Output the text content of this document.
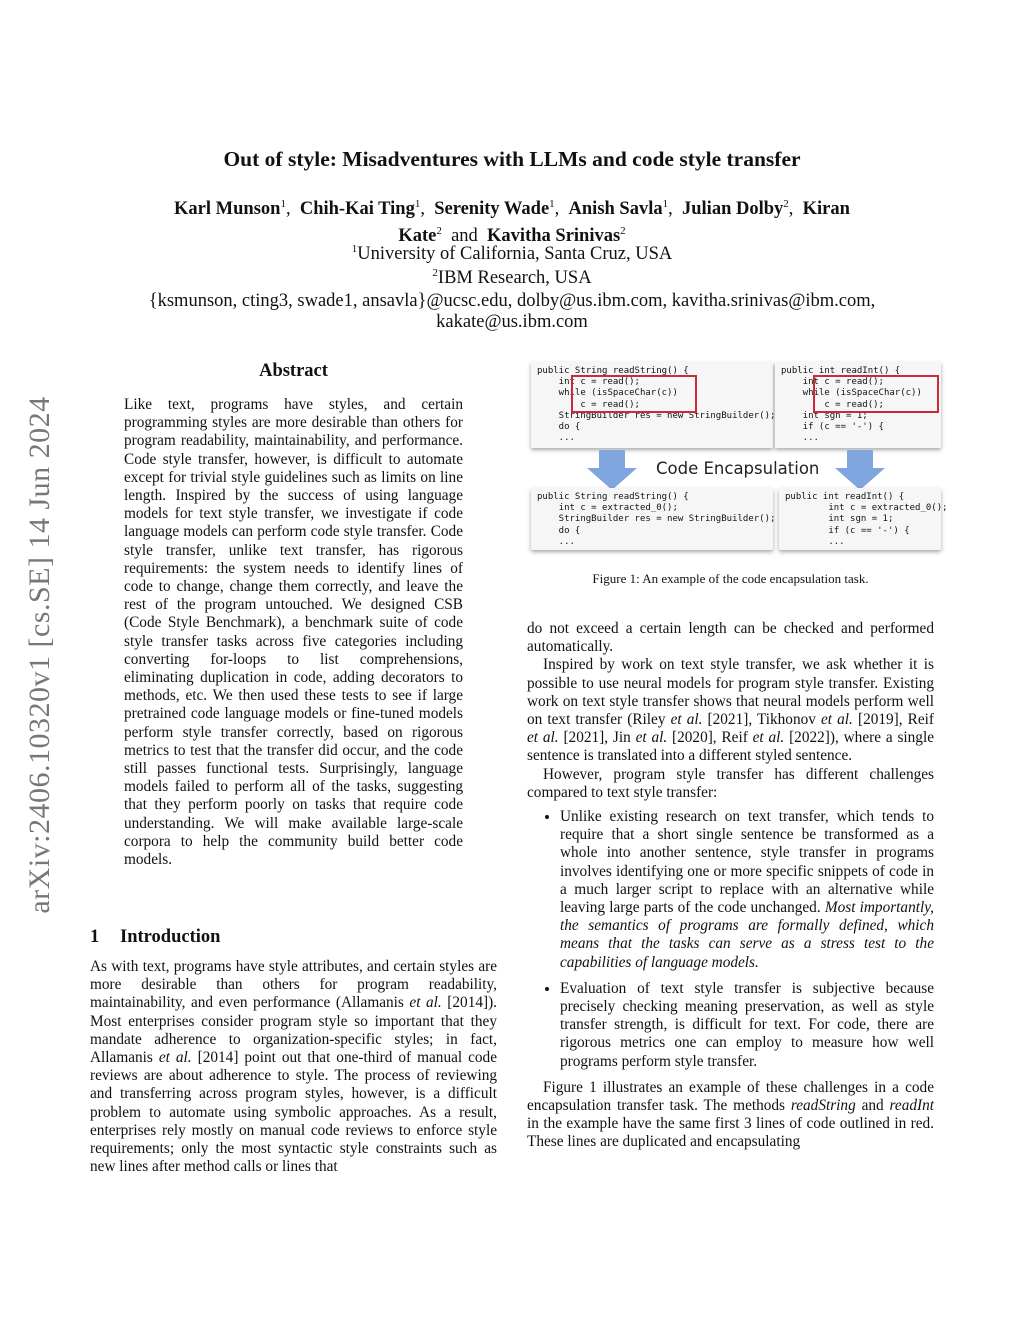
arXiv:2406.10320v1 [cs.SE] 14 Jun 2024
Out of style: Misadventures with LLMs and code style transfer
Karl Munson$^1$,  Chih-Kai Ting$^1$,  Serenity Wade$^1$,  Anish Savla$^1$,  Julian Dolby$^2$,  Kiran
Kate$^2$ and Kavitha Srinivas$^2$
$^1$University of California, Santa Cruz, USA
$^2$IBM Research, USA
{ksmunson, cting3, swade1, ansavla}@ucsc.edu, dolby@us.ibm.com, kavitha.srinivas@ibm.com,
kakate@us.ibm.com
Abstract
Like text, programs have styles, and certain programming styles are more desirable than others for program readability, maintainability, and performance. Code style transfer, however, is difficult to automate except for trivial style guidelines such as limits on line length. Inspired by the success of using language models for text style transfer, we investigate if code language models can perform code style transfer. Code style transfer, unlike text transfer, has rigorous requirements: the system needs to identify lines of code to change, change them correctly, and leave the rest of the program untouched. We designed CSB (Code Style Benchmark), a benchmark suite of code style transfer tasks across five categories including converting for-loops to list comprehensions, eliminating duplication in code, adding decorators to methods, etc. We then used these tests to see if large pretrained code language models or fine-tuned models perform style transfer correctly, based on rigorous metrics to test that the transfer did occur, and the code still passes functional tests. Surprisingly, language models failed to perform all of the tasks, suggesting that they perform poorly on tasks that require code understanding. We will make available large-scale corpora to help the community build better code models.
1 Introduction
As with text, programs have style attributes, and certain styles are more desirable than others for program readability, maintainability, and even performance (Allamanis et al. [2014]). Most enterprises consider program style so important that they mandate adherence to organization-specific styles; in fact, Allamanis et al. [2014] point out that one-third of manual code reviews are about adherence to style. The process of reviewing and transferring across program styles, however, is a difficult problem to automate using symbolic approaches. As a result, enterprises rely mostly on manual code reviews to enforce style requirements; only the most syntactic style constraints such as new lines after method calls or lines that
public String readString() {
int c = read();
while (isSpaceChar(c))
c = read();
StringBuilder res = new StringBuilder();
do {
...
public int readInt() {
int c = read();
while (isSpaceChar(c))
c = read();
int sgn = 1;
if (c == '-') {
...
Code Encapsulation
public String readString() {
int c = extracted_0();
StringBuilder res = new StringBuilder();
do {
...
public int readInt() {
int c = extracted_0();
int sgn = 1;
if (c == '-') {
...
Figure 1: An example of the code encapsulation task.

do not exceed a certain length can be checked and performed automatically.

Inspired by work on text style transfer, we ask whether it is possible to use neural models for program style transfer. Existing work on text style transfer shows that neural models perform well on text transfer (Riley et al. [2021], Tikhonov et al. [2019], Reif et al. [2021], Jin et al. [2020], Reif et al. [2022]), where a single sentence is translated into a different styled sentence.

However, program style transfer has different challenges compared to text style transfer:

• Unlike existing research on text transfer, which tends to require that a short single sentence be transformed as a whole into another sentence, style transfer in programs involves identifying one or more specific snippets of code in a much larger script to replace with an alternative while leaving large parts of the code unchanged. Most importantly, the semantics of programs are formally defined, which means that the tasks can serve as a stress test to the capabilities of language models.
• Evaluation of text style transfer is subjective because precisely checking meaning preservation, as well as style transfer strength, is difficult for text. For code, there are rigorous metrics one can employ to measure how well programs perform style transfer.

Figure 1 illustrates an example of these challenges in a code encapsulation transfer task. The methods readString and readInt in the example have the same first 3 lines of code outlined in red. These lines are duplicated and encapsulating
